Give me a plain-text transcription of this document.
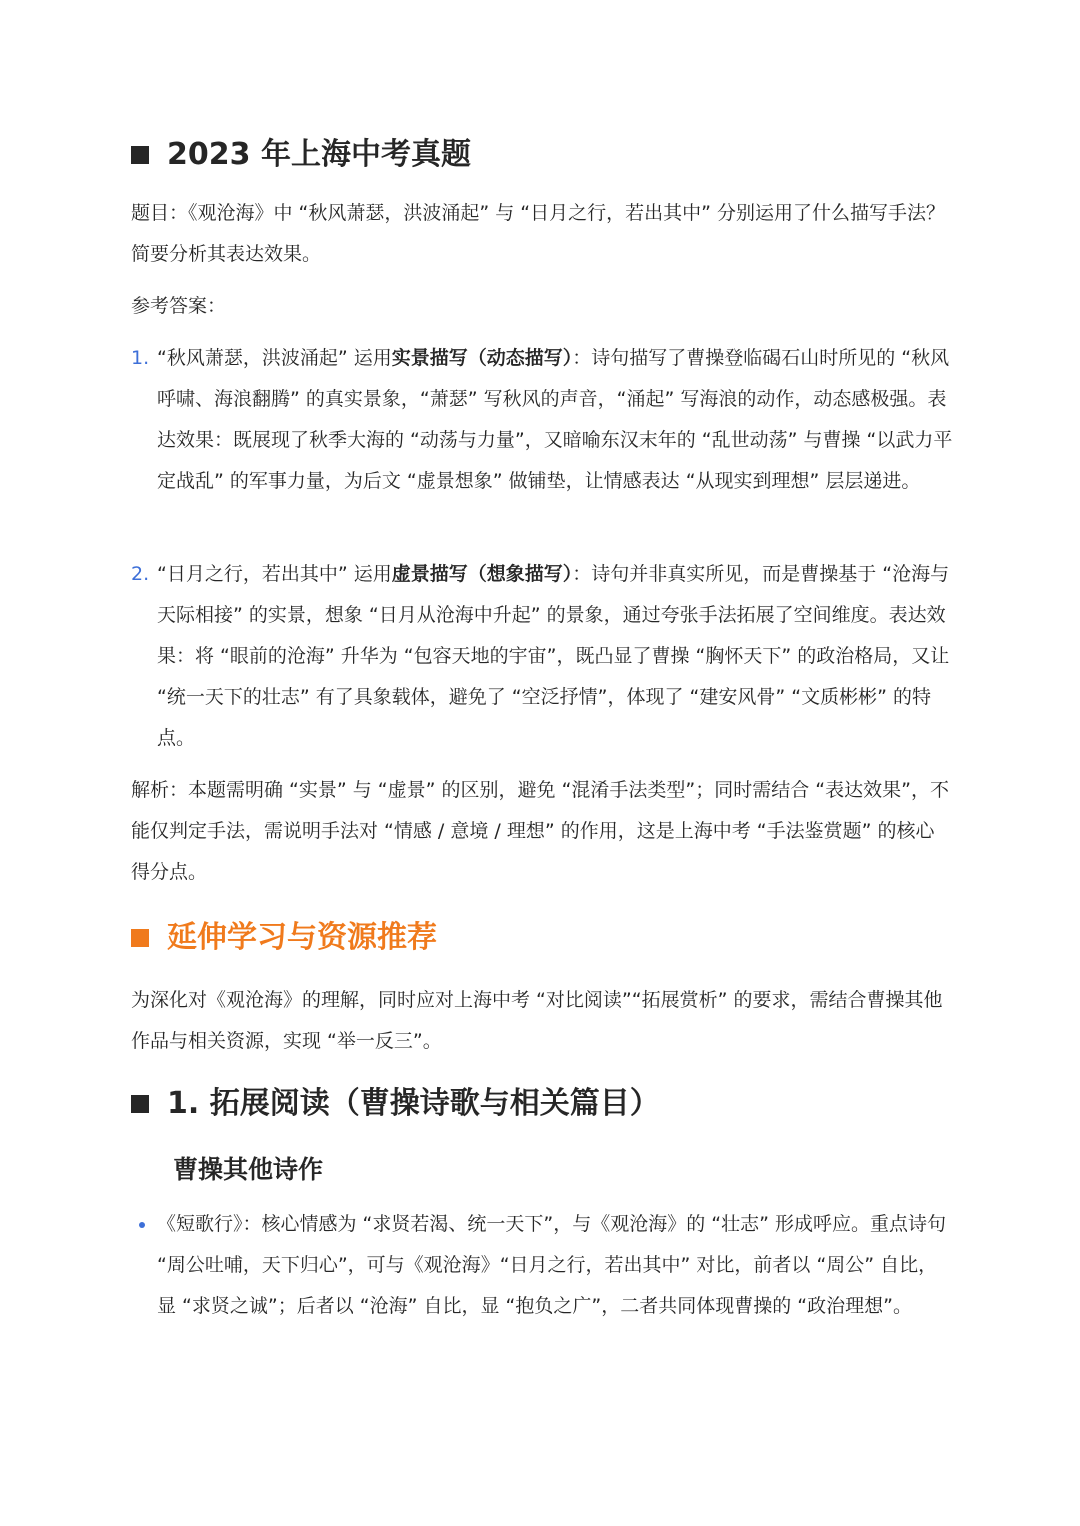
2023 年上海中考真题
题目：《观沧海》中 “秋风萧瑟，洪波涌起” 与 “日月之行，若出其中” 分别运用了什么描写手法？简要分析其表达效果。
参考答案：
1. “秋风萧瑟，洪波涌起” 运用实景描写（动态描写）：诗句描写了曹操登临碣石山时所见的 “秋风呼啸、海浪翻腾” 的真实景象，“萧瑟” 写秋风的声音，“涌起” 写海浪的动作，动态感极强。表达效果：既展现了秋季大海的 “动荡与力量”，又暗喻东汉末年的 “乱世动荡” 与曹操 “以武力平定战乱” 的军事力量，为后文 “虚景想象” 做铺垫，让情感表达 “从现实到理想” 层层递进。
2. “日月之行，若出其中” 运用虚景描写（想象描写）：诗句并非真实所见，而是曹操基于 “沧海与天际相接” 的实景，想象 “日月从沧海中升起” 的景象，通过夸张手法拓展了空间维度。表达效果：将 “眼前的沧海” 升华为 “包容天地的宇宙”，既凸显了曹操 “胸怀天下” 的政治格局，又让 “统一天下的壮志” 有了具象载体，避免了 “空泛抒情”，体现了 “建安风骨” “文质彬彬” 的特点。
解析：本题需明确 “实景” 与 “虚景” 的区别，避免 “混淆手法类型”；同时需结合 “表达效果”，不能仅判定手法，需说明手法对 “情感 / 意境 / 理想” 的作用，这是上海中考 “手法鉴赏题” 的核心得分点。
延伸学习与资源推荐
为深化对《观沧海》的理解，同时应对上海中考 “对比阅读”“拓展赏析” 的要求，需结合曹操其他作品与相关资源，实现 “举一反三”。
1. 拓展阅读（曹操诗歌与相关篇目）
曹操其他诗作
《短歌行》：核心情感为 “求贤若渴、统一天下”，与《观沧海》的 “壮志” 形成呼应。重点诗句 “周公吐哺，天下归心”，可与《观沧海》“日月之行，若出其中” 对比，前者以 “周公” 自比，显 “求贤之诚”；后者以 “沧海” 自比，显 “抱负之广”，二者共同体现曹操的 “政治理想”。
